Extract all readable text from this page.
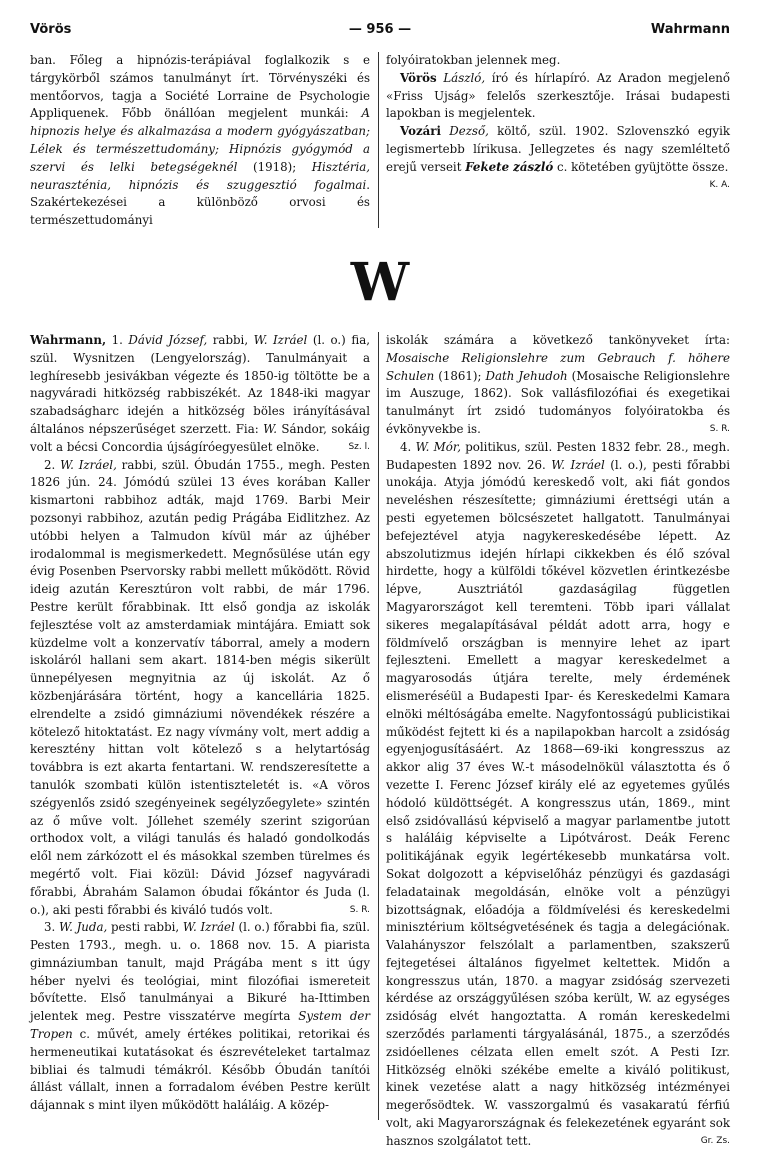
Vörös	— 956 —	Wahrmann

ban. Főleg a hipnózis-terápiával foglalkozik s e tárgykörből számos tanulmányt írt. Törvényszéki és mentőorvos, tagja a Société Lorraine de Psychologie Appliquenek. Főbb önállóan megjelent munkái: A hipnozis helye és alkalmazása a modern gyógyászatban; Lélek és természettudomány; Hipnózis gyógymód a szervi és lelki betegségeknél (1918); Hisztéria, neuraszténia, hipnózis és szuggesztió fogalmai. Szakértekezései a különböző orvosi és természettudományi

folyóiratokban jelennek meg.

Vörös László, író és hírlapíró. Az Aradon megjelenő «Friss Ujság» felelős szerkesztője. Irásai budapesti lapokban is megjelentek.

Vozári Dezső, költő, szül. 1902. Szlovenszkó egyik legismertebb lírikusa. Jellegzetes és nagy szemléltető erejű verseit Fekete zászló c. kötetében gyüjtötte össze.
K. A.

W

Wahrmann, 1. Dávid József, rabbi, W. Izráel (l. o.) fia, szül. Wysnitzen (Lengyelország). Tanulmányait a leghíresebb jesivákban végezte és 1850-ig töltötte be a nagyváradi hitközség rabbiszékét. Az 1848-iki magyar szabadságharc idején a hitközség böles irányításával általános népszerűséget szerzett. Fia: W. Sándor, sokáig volt a bécsi Concordia újságíróegyesület elnöke.	Sz. l.

2. W. Izráel, rabbi, szül. Óbudán 1755., megh. Pesten 1826 jún. 24. Jómódú szülei 13 éves korában Kaller kismartoni rabbihoz adták, majd 1769. Barbi Meir pozsonyi rabbihoz, azután pedig Prágába Eidlitzhez. Az utóbbi helyen a Talmudon kívül már az újhéber irodalommal is megismerkedett. Megnősülése után egy évig Posenben Pservorsky rabbi mellett működött. Rövid ideig azután Keresztúron volt rabbi, de már 1796. Pestre került főrabbinak. Itt első gondja az iskolák fejlesztése volt az amsterdamiak mintájára. Emiatt sok küzdelme volt a konzervatív táborral, amely a modern iskoláról hallani sem akart. 1814-ben mégis sikerült ünnepélyesen megnyitnia az új iskolát. Az ő közbenjárására történt, hogy a kancellária 1825. elrendelte a zsidó gimnáziumi növendékek részére a kötelező hitoktatást. Ez nagy vívmány volt, mert addig a keresztény hittan volt kötelező s a helytartóság továbbra is ezt akarta fentartani. W. rendszeresítette a tanulók szombati külön istentiszteletét is. «A vöros szégyenlős zsidó szegényeinek segélyzőegylete» szintén az ő műve volt. Jóllehet személy szerint szigorúan orthodox volt, a világi tanulás és haladó gondolkodás elől nem zárkózott el és másokkal szemben türelmes és megértő volt. Fiai közül: Dávid József nagyváradi főrabbi, Ábrahám Salamon óbudai főkántor és Juda (l. o.), aki pesti főrabbi és kiváló tudós volt.	S. R.

3. W. Juda, pesti rabbi, W. Izráel (l. o.) főrabbi fia, szül. Pesten 1793., megh. u. o. 1868 nov. 15. A piarista gimnáziumban tanult, majd Prágába ment s itt úgy héber nyelvi és teológiai, mint filozófiai ismereteit bővítette. Első tanulmányai a Bikuré ha-Ittimben jelentek meg. Pestre visszatérve megírta System der Tropen c. művét, amely értékes politikai, retorikai és hermeneutikai kutatásokat és észrevételeket tartalmaz bibliai és talmudi témákról. Később Óbudán tanítói állást vállalt, innen a forradalom évében Pestre került dájannak s mint ilyen működött haláláig. A közép-

iskolák számára a következő tankönyveket írta: Mosaische Religionslehre zum Gebrauch f. höhere Schulen (1861); Dath Jehudoh (Mosaische Religionslehre im Auszuge, 1862). Sok vallásfilozófiai és exegetikai tanulmányt írt zsidó tudományos folyóiratokba és évkönyvekbe is.	S. R.

4. W. Mór, politikus, szül. Pesten 1832 febr. 28., megh. Budapesten 1892 nov. 26. W. Izráel (l. o.), pesti főrabbi unokája. Atyja jómódú kereskedő volt, aki fiát gondos neveléshen részesítette; gimnáziumi érettségi után a pesti egyetemen bölcsészetet hallgatott. Tanulmányai befejeztével atyja nagykereskedésébe lépett. Az abszolutizmus idején hírlapi cikkekben és élő szóval hirdette, hogy a külföldi tőkével közvetlen érintkezésbe lépve, Ausztriától gazdaságilag független Magyarországot kell teremteni. Több ipari vállalat sikeres megalapításával példát adott arra, hogy e földmívelő országban is mennyire lehet az ipart fejleszteni. Emellett a magyar kereskedelmet a magyarosodás útjára terelte, mely érdemének elismeréséül a Budapesti Ipar- és Kereskedelmi Kamara elnöki méltóságába emelte. Nagyfontosságú publicistikai működést fejtett ki és a napilapokban harcolt a zsidóság egyenjogusításáért. Az 1868—69-iki kongresszus az akkor alig 37 éves W.-t másodelnökül választotta és ő vezette I. Ferenc József király elé az egyetemes gyűlés hódoló küldöttségét. A kongresszus után, 1869., mint első zsidóvallású képviselő a magyar parlamentbe jutott s haláláig képviselte a Lipótvárost. Deák Ferenc politikájának egyik legértékesebb munkatársa volt. Sokat dolgozott a képviselőház pénzügyi és gazdasági feladatainak megoldásán, elnöke volt a pénzügyi bizottságnak, előadója a földmívelési és kereskedelmi minisztérium költségvetésének és tagja a delegációnak. Valahányszor felszólalt a parlamentben, szakszerű fejtegetései általános figyelmet keltettek. Midőn a kongresszus után, 1870. a magyar zsidóság szervezeti kérdése az országgyűlésen szóba került, W. az egységes zsidóság elvét hangoztatta. A román kereskedelmi szerződés parlamenti tárgyalásánál, 1875., a szerződés zsidóellenes célzata ellen emelt szót. A Pesti Izr. Hitközség elnöki székébe emelte a kiváló politikust, kinek vezetése alatt a nagy hitközség intézményei megerősödtek. W. vasszorgalmú és vasakaratú férfiú volt, aki Magyarországnak és felekezetének egyaránt sok hasznos szolgálatot tett.	Gr. Zs.
